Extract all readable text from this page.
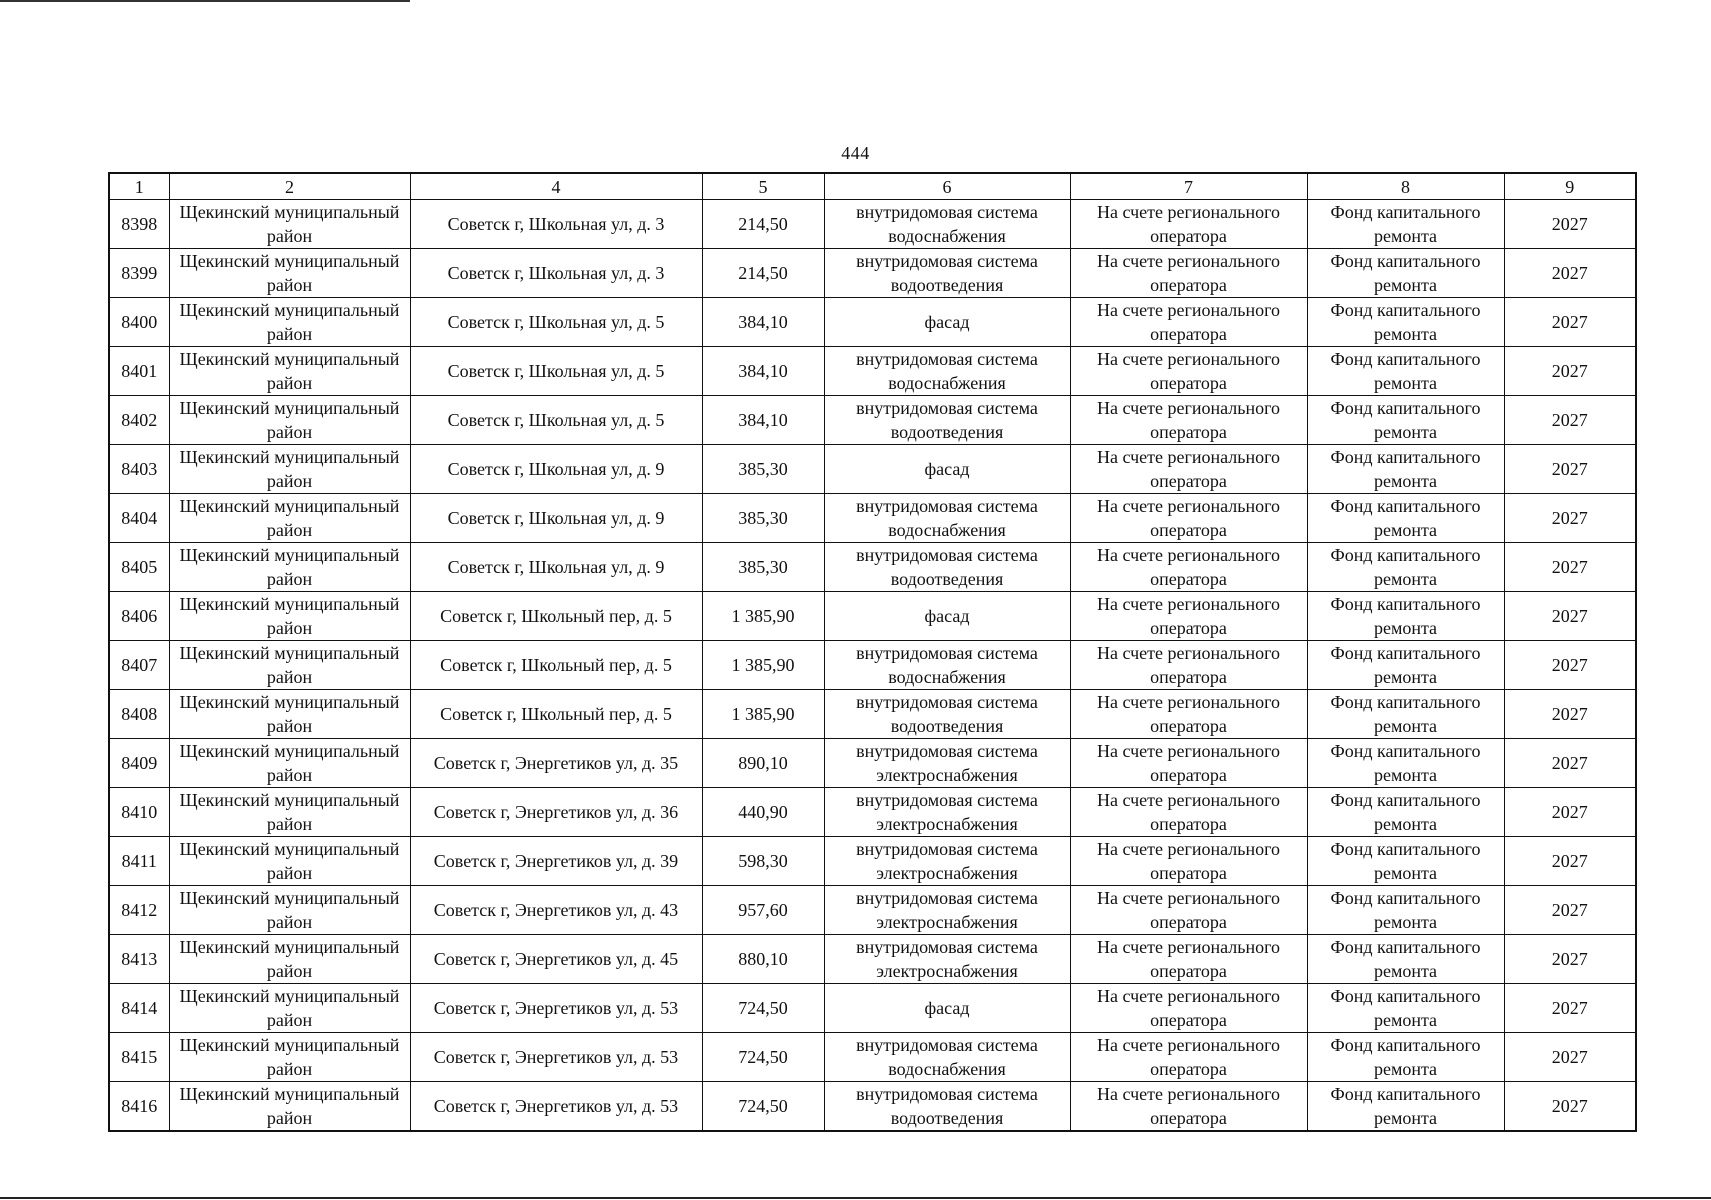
444
1	2	4	5	6	7	8	9
8398	Щекинский муниципальный район	Советск г, Школьная ул, д. 3	214,50	внутридомовая система водоснабжения	На счете регионального оператора	Фонд капитального ремонта	2027
8399	Щекинский муниципальный район	Советск г, Школьная ул, д. 3	214,50	внутридомовая система водоотведения	На счете регионального оператора	Фонд капитального ремонта	2027
8400	Щекинский муниципальный район	Советск г, Школьная ул, д. 5	384,10	фасад	На счете регионального оператора	Фонд капитального ремонта	2027
8401	Щекинский муниципальный район	Советск г, Школьная ул, д. 5	384,10	внутридомовая система водоснабжения	На счете регионального оператора	Фонд капитального ремонта	2027
8402	Щекинский муниципальный район	Советск г, Школьная ул, д. 5	384,10	внутридомовая система водоотведения	На счете регионального оператора	Фонд капитального ремонта	2027
8403	Щекинский муниципальный район	Советск г, Школьная ул, д. 9	385,30	фасад	На счете регионального оператора	Фонд капитального ремонта	2027
8404	Щекинский муниципальный район	Советск г, Школьная ул, д. 9	385,30	внутридомовая система водоснабжения	На счете регионального оператора	Фонд капитального ремонта	2027
8405	Щекинский муниципальный район	Советск г, Школьная ул, д. 9	385,30	внутридомовая система водоотведения	На счете регионального оператора	Фонд капитального ремонта	2027
8406	Щекинский муниципальный район	Советск г, Школьный пер, д. 5	1 385,90	фасад	На счете регионального оператора	Фонд капитального ремонта	2027
8407	Щекинский муниципальный район	Советск г, Школьный пер, д. 5	1 385,90	внутридомовая система водоснабжения	На счете регионального оператора	Фонд капитального ремонта	2027
8408	Щекинский муниципальный район	Советск г, Школьный пер, д. 5	1 385,90	внутридомовая система водоотведения	На счете регионального оператора	Фонд капитального ремонта	2027
8409	Щекинский муниципальный район	Советск г, Энергетиков ул, д. 35	890,10	внутридомовая система электроснабжения	На счете регионального оператора	Фонд капитального ремонта	2027
8410	Щекинский муниципальный район	Советск г, Энергетиков ул, д. 36	440,90	внутридомовая система электроснабжения	На счете регионального оператора	Фонд капитального ремонта	2027
8411	Щекинский муниципальный район	Советск г, Энергетиков ул, д. 39	598,30	внутридомовая система электроснабжения	На счете регионального оператора	Фонд капитального ремонта	2027
8412	Щекинский муниципальный район	Советск г, Энергетиков ул, д. 43	957,60	внутридомовая система электроснабжения	На счете регионального оператора	Фонд капитального ремонта	2027
8413	Щекинский муниципальный район	Советск г, Энергетиков ул, д. 45	880,10	внутридомовая система электроснабжения	На счете регионального оператора	Фонд капитального ремонта	2027
8414	Щекинский муниципальный район	Советск г, Энергетиков ул, д. 53	724,50	фасад	На счете регионального оператора	Фонд капитального ремонта	2027
8415	Щекинский муниципальный район	Советск г, Энергетиков ул, д. 53	724,50	внутридомовая система водоснабжения	На счете регионального оператора	Фонд капитального ремонта	2027
8416	Щекинский муниципальный район	Советск г, Энергетиков ул, д. 53	724,50	внутридомовая система водоотведения	На счете регионального оператора	Фонд капитального ремонта	2027
